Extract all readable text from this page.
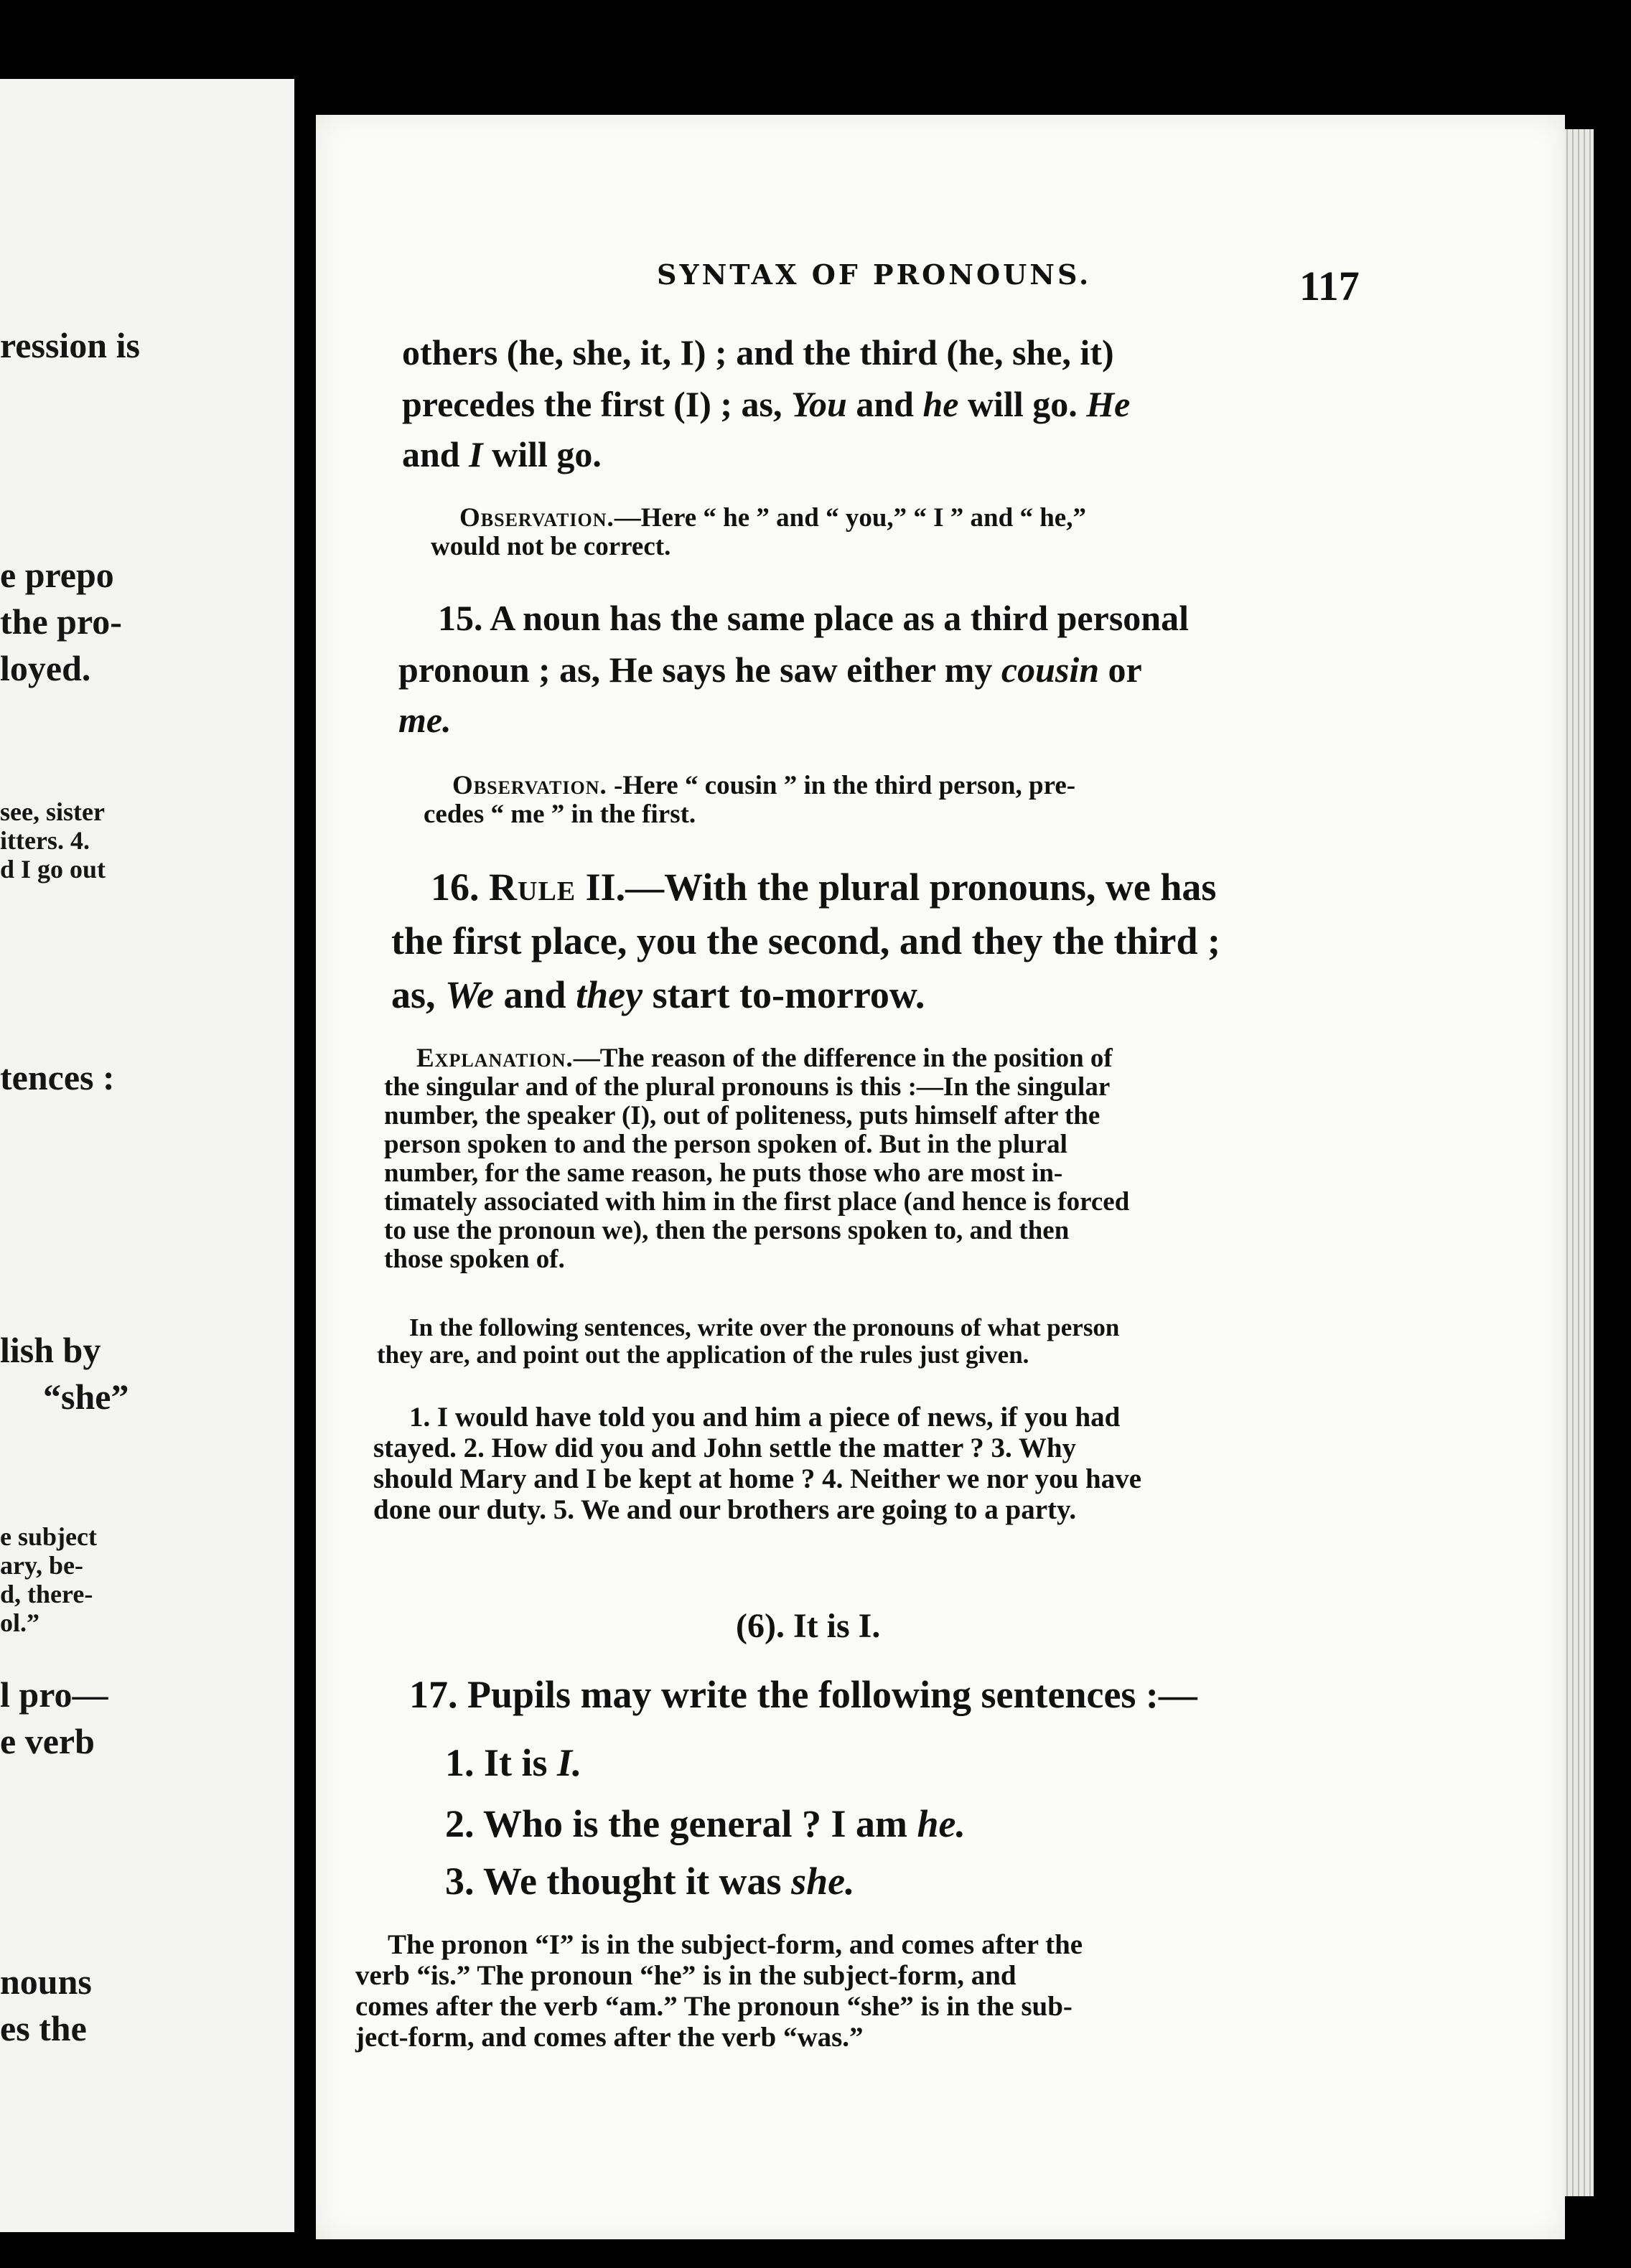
ression is
e prepo
the pro-
loyed.
see, sister
itters. 4.
d I go out
tences :
lish by
“she”
e subject
ary, be-
d, there-
ol.”
l pro—
e verb
nouns
es the
SYNTAX OF PRONOUNS.	117
others (he, she, it, I) ; and the third (he, she, it)
precedes the first (I) ; as, You and he will go. He
and I will go.
Observation.—Here “ he ” and “ you,” “ I ” and “ he,”
would not be correct.
15. A noun has the same place as a third personal
pronoun ; as, He says he saw either my cousin or
me.
Observation. -Here “ cousin ” in the third person, pre-
cedes “ me ” in the first.
16. Rule II.—With the plural pronouns, we has
the first place, you the second, and they the third ;
as, We and they start to-morrow.
Explanation.—The reason of the difference in the position of
the singular and of the plural pronouns is this :—In the singular
number, the speaker (I), out of politeness, puts himself after the
person spoken to and the person spoken of. But in the plural
number, for the same reason, he puts those who are most in-
timately associated with him in the first place (and hence is forced
to use the pronoun we), then the persons spoken to, and then
those spoken of.
In the following sentences, write over the pronouns of what person
they are, and point out the application of the rules just given.
1. I would have told you and him a piece of news, if you had
stayed. 2. How did you and John settle the matter ? 3. Why
should Mary and I be kept at home ? 4. Neither we nor you have
done our duty. 5. We and our brothers are going to a party.
(6). It is I.
17. Pupils may write the following sentences :—
1. It is I.
2. Who is the general ? I am he.
3. We thought it was she.
The pronon “I” is in the subject-form, and comes after the
verb “is.” The pronoun “he” is in the subject-form, and
comes after the verb “am.” The pronoun “she” is in the sub-
ject-form, and comes after the verb “was.”
